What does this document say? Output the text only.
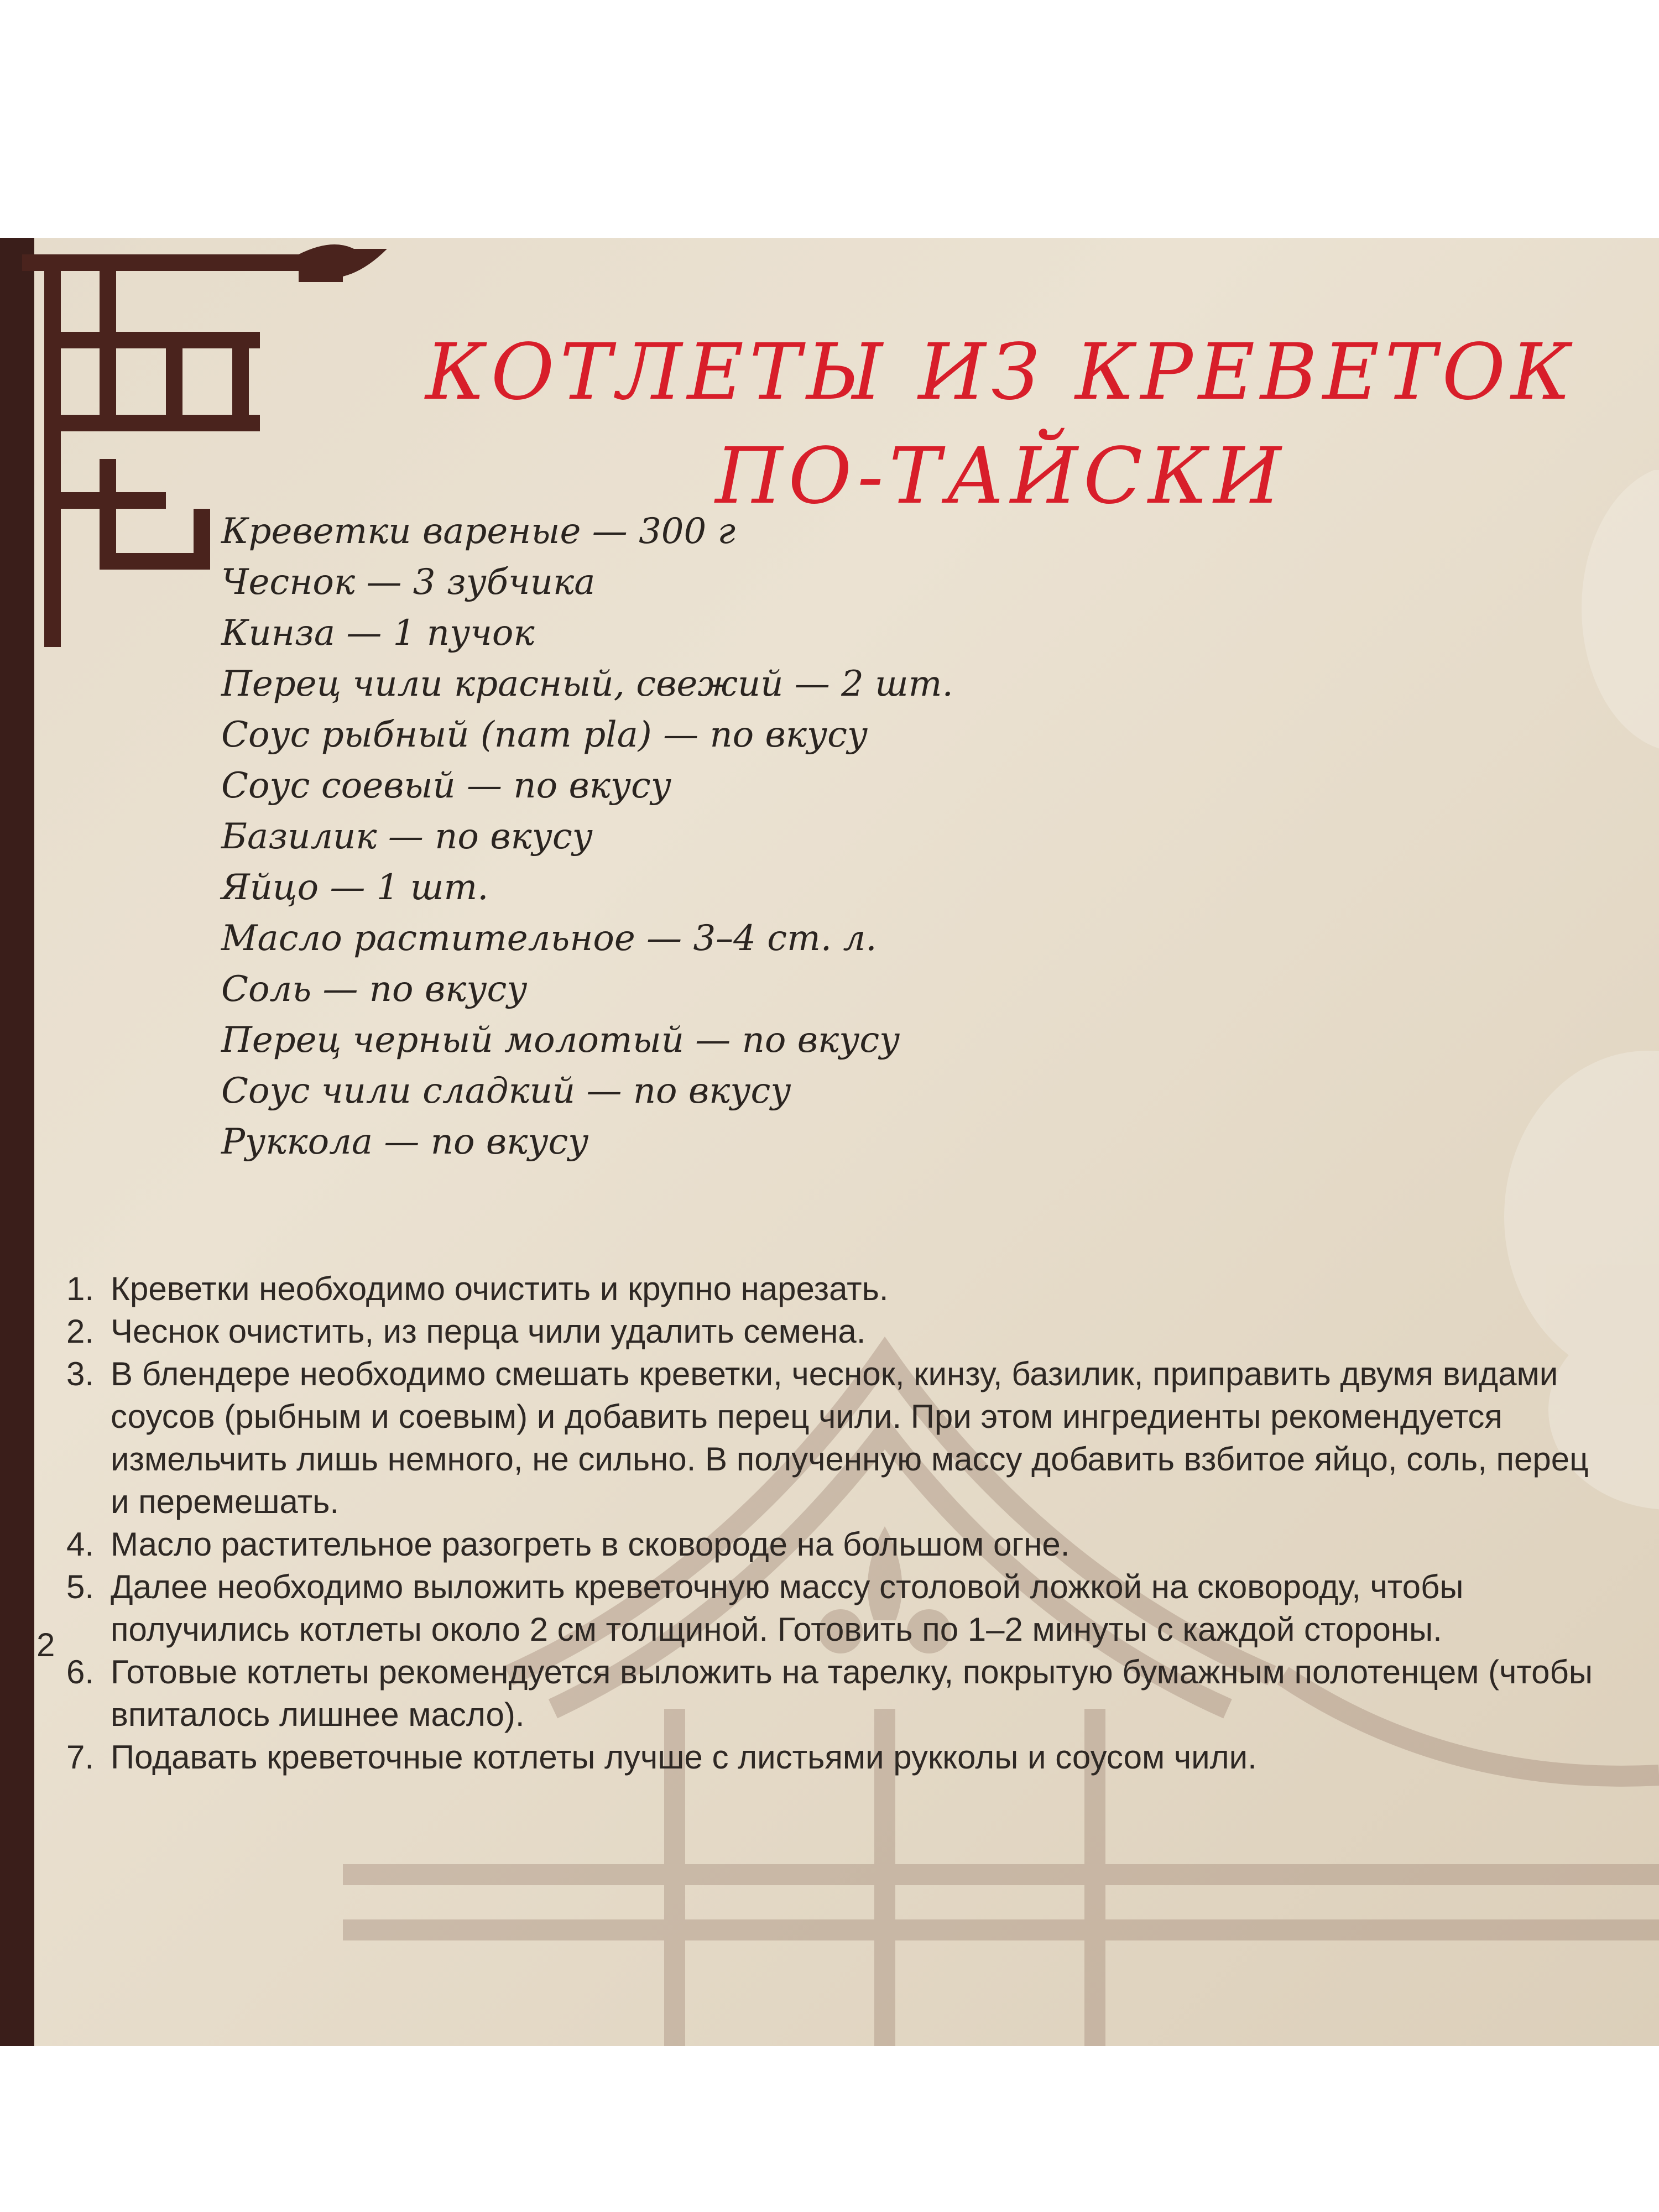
КОТЛЕТЫ ИЗ КРЕВЕТОК
ПО-ТАЙСКИ
Креветки вареные — 300 г
Чеснок — 3 зубчика
Кинза — 1 пучок
Перец чили красный, свежий — 2 шт.
Соус рыбный (nam pla) — по вкусу
Соус соевый — по вкусу
Базилик — по вкусу
Яйцо — 1 шт.
Масло растительное — 3–4 ст. л.
Соль — по вкусу
Перец черный молотый — по вкусу
Соус чили сладкий — по вкусу
Руккола — по вкусу
1. Креветки необходимо очистить и крупно нарезать.
2. Чеснок очистить, из перца чили удалить семена.
3. В блендере необходимо смешать креветки, чеснок, кинзу, базилик, приправить двумя видами соусов (рыбным и соевым) и добавить перец чили. При этом ингредиенты рекомендуется измельчить лишь немного, не сильно. В полученную массу добавить взбитое яйцо, соль, перец и перемешать.
4. Масло растительное разогреть в сковороде на большом огне.
5. Далее необходимо выложить креветочную массу столовой ложкой на сковороду, чтобы получились котлеты около 2 см толщиной. Готовить по 1–2 минуты с каждой стороны.
6. Готовые котлеты рекомендуется выложить на тарелку, покрытую бумажным полотенцем (чтобы впиталось лишнее масло).
7. Подавать креветочные котлеты лучше с листьями рукколы и соусом чили.
2
